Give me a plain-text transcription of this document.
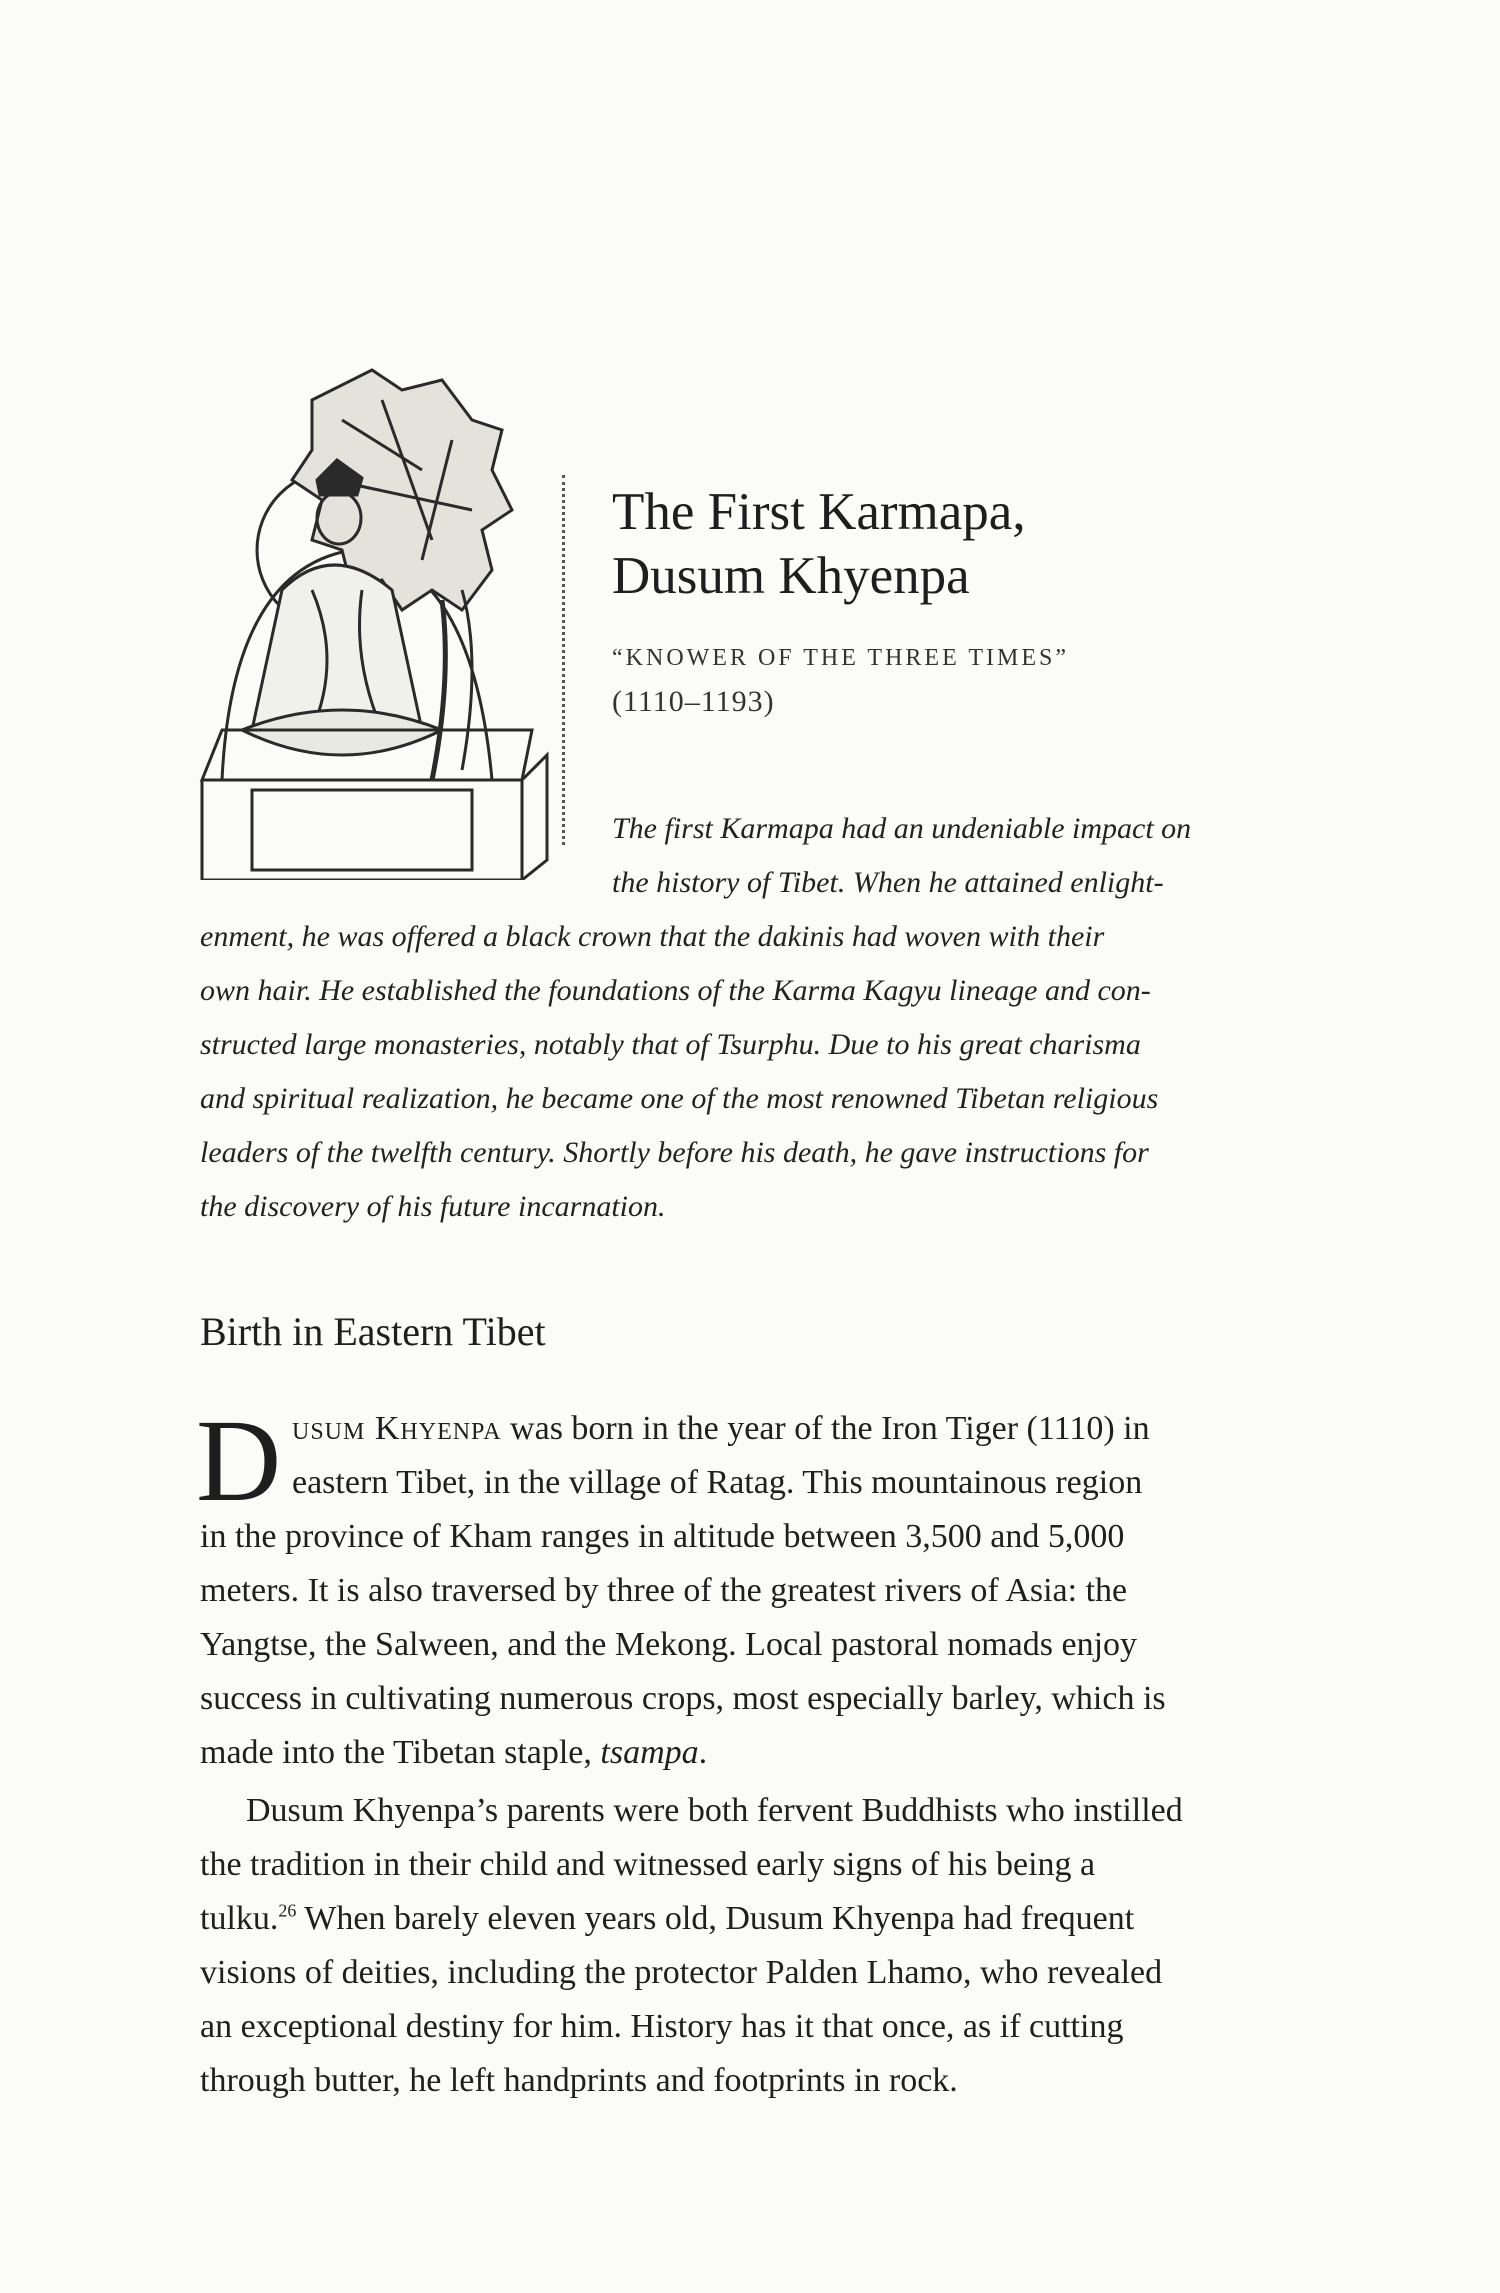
The First Karmapa,
Dusum Khyenpa

“KNOWER OF THE THREE TIMES”

(1110–1193)

The first Karmapa had an undeniable impact on

the history of Tibet. When he attained enlight-

enment, he was offered a black crown that the dakinis had woven with their

own hair. He established the foundations of the Karma Kagyu lineage and con-

structed large monasteries, notably that of Tsurphu. Due to his great charisma

and spiritual realization, he became one of the most renowned Tibetan religious

leaders of the twelfth century. Shortly before his death, he gave instructions for

the discovery of his future incarnation.

Birth in Eastern Tibet
D usum Khyenpa was born in the year of the Iron Tiger (1110) in

eastern Tibet, in the village of Ratag. This mountainous region

in the province of Kham ranges in altitude between 3,500 and 5,000

meters. It is also traversed by three of the greatest rivers of Asia: the

Yangtse, the Salween, and the Mekong. Local pastoral nomads enjoy

success in cultivating numerous crops, most especially barley, which is

made into the Tibetan staple, tsampa.

Dusum Khyenpa’s parents were both fervent Buddhists who instilled

the tradition in their child and witnessed early signs of his being a

tulku.$^{26}$ When barely eleven years old, Dusum Khyenpa had frequent

visions of deities, including the protector Palden Lhamo, who revealed

an exceptional destiny for him. History has it that once, as if cutting

through butter, he left handprints and footprints in rock.
